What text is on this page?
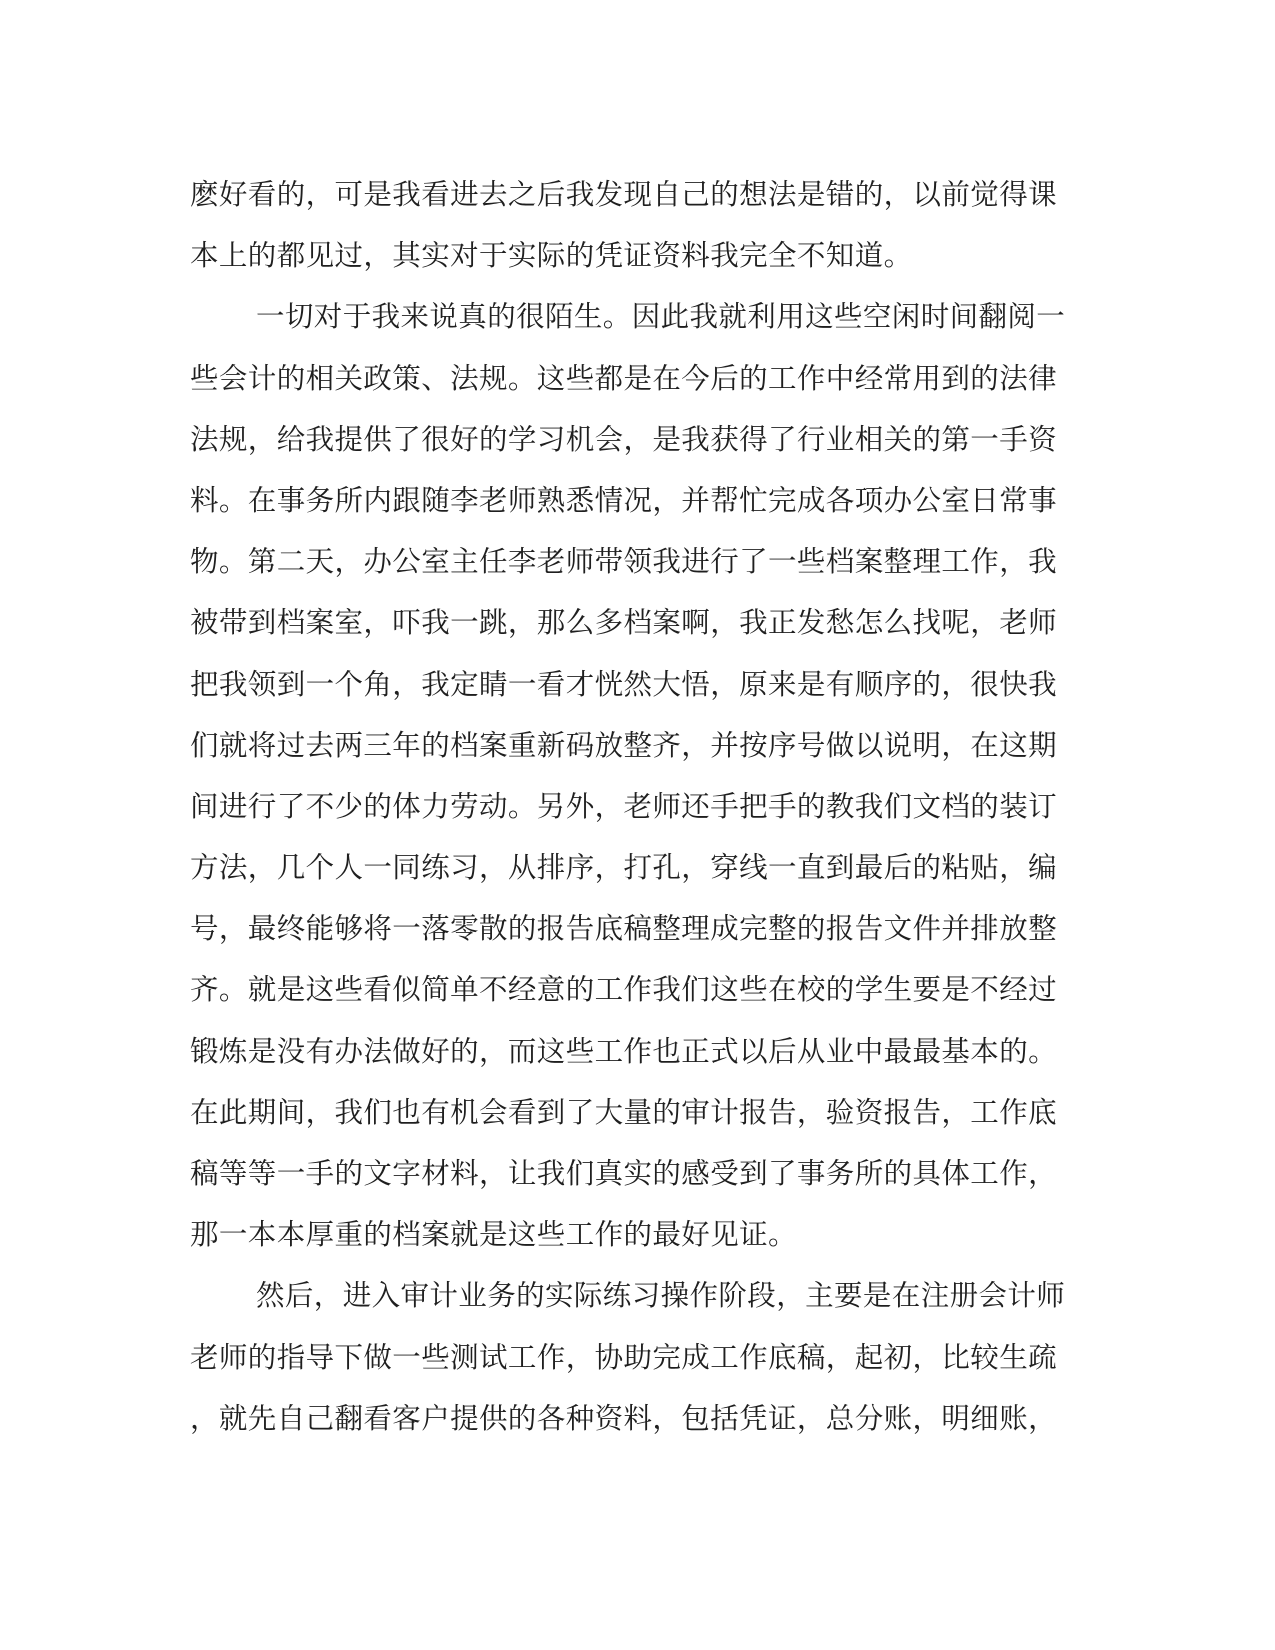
麽好看的，可是我看进去之后我发现自己的想法是错的，以前觉得课
本上的都见过，其实对于实际的凭证资料我完全不知道。
一切对于我来说真的很陌生。因此我就利用这些空闲时间翻阅一
些会计的相关政策、法规。这些都是在今后的工作中经常用到的法律
法规，给我提供了很好的学习机会，是我获得了行业相关的第一手资
料。在事务所内跟随李老师熟悉情况，并帮忙完成各项办公室日常事
物。第二天，办公室主任李老师带领我进行了一些档案整理工作，我
被带到档案室，吓我一跳，那么多档案啊，我正发愁怎么找呢，老师
把我领到一个角，我定睛一看才恍然大悟，原来是有顺序的，很快我
们就将过去两三年的档案重新码放整齐，并按序号做以说明，在这期
间进行了不少的体力劳动。另外，老师还手把手的教我们文档的装订
方法，几个人一同练习，从排序，打孔，穿线一直到最后的粘贴，编
号，最终能够将一落零散的报告底稿整理成完整的报告文件并排放整
齐。就是这些看似简单不经意的工作我们这些在校的学生要是不经过
锻炼是没有办法做好的，而这些工作也正式以后从业中最最基本的。
在此期间，我们也有机会看到了大量的审计报告，验资报告，工作底
稿等等一手的文字材料，让我们真实的感受到了事务所的具体工作，
那一本本厚重的档案就是这些工作的最好见证。
然后，进入审计业务的实际练习操作阶段，主要是在注册会计师
老师的指导下做一些测试工作，协助完成工作底稿，起初，比较生疏
，就先自己翻看客户提供的各种资料，包括凭证，总分账，明细账，
